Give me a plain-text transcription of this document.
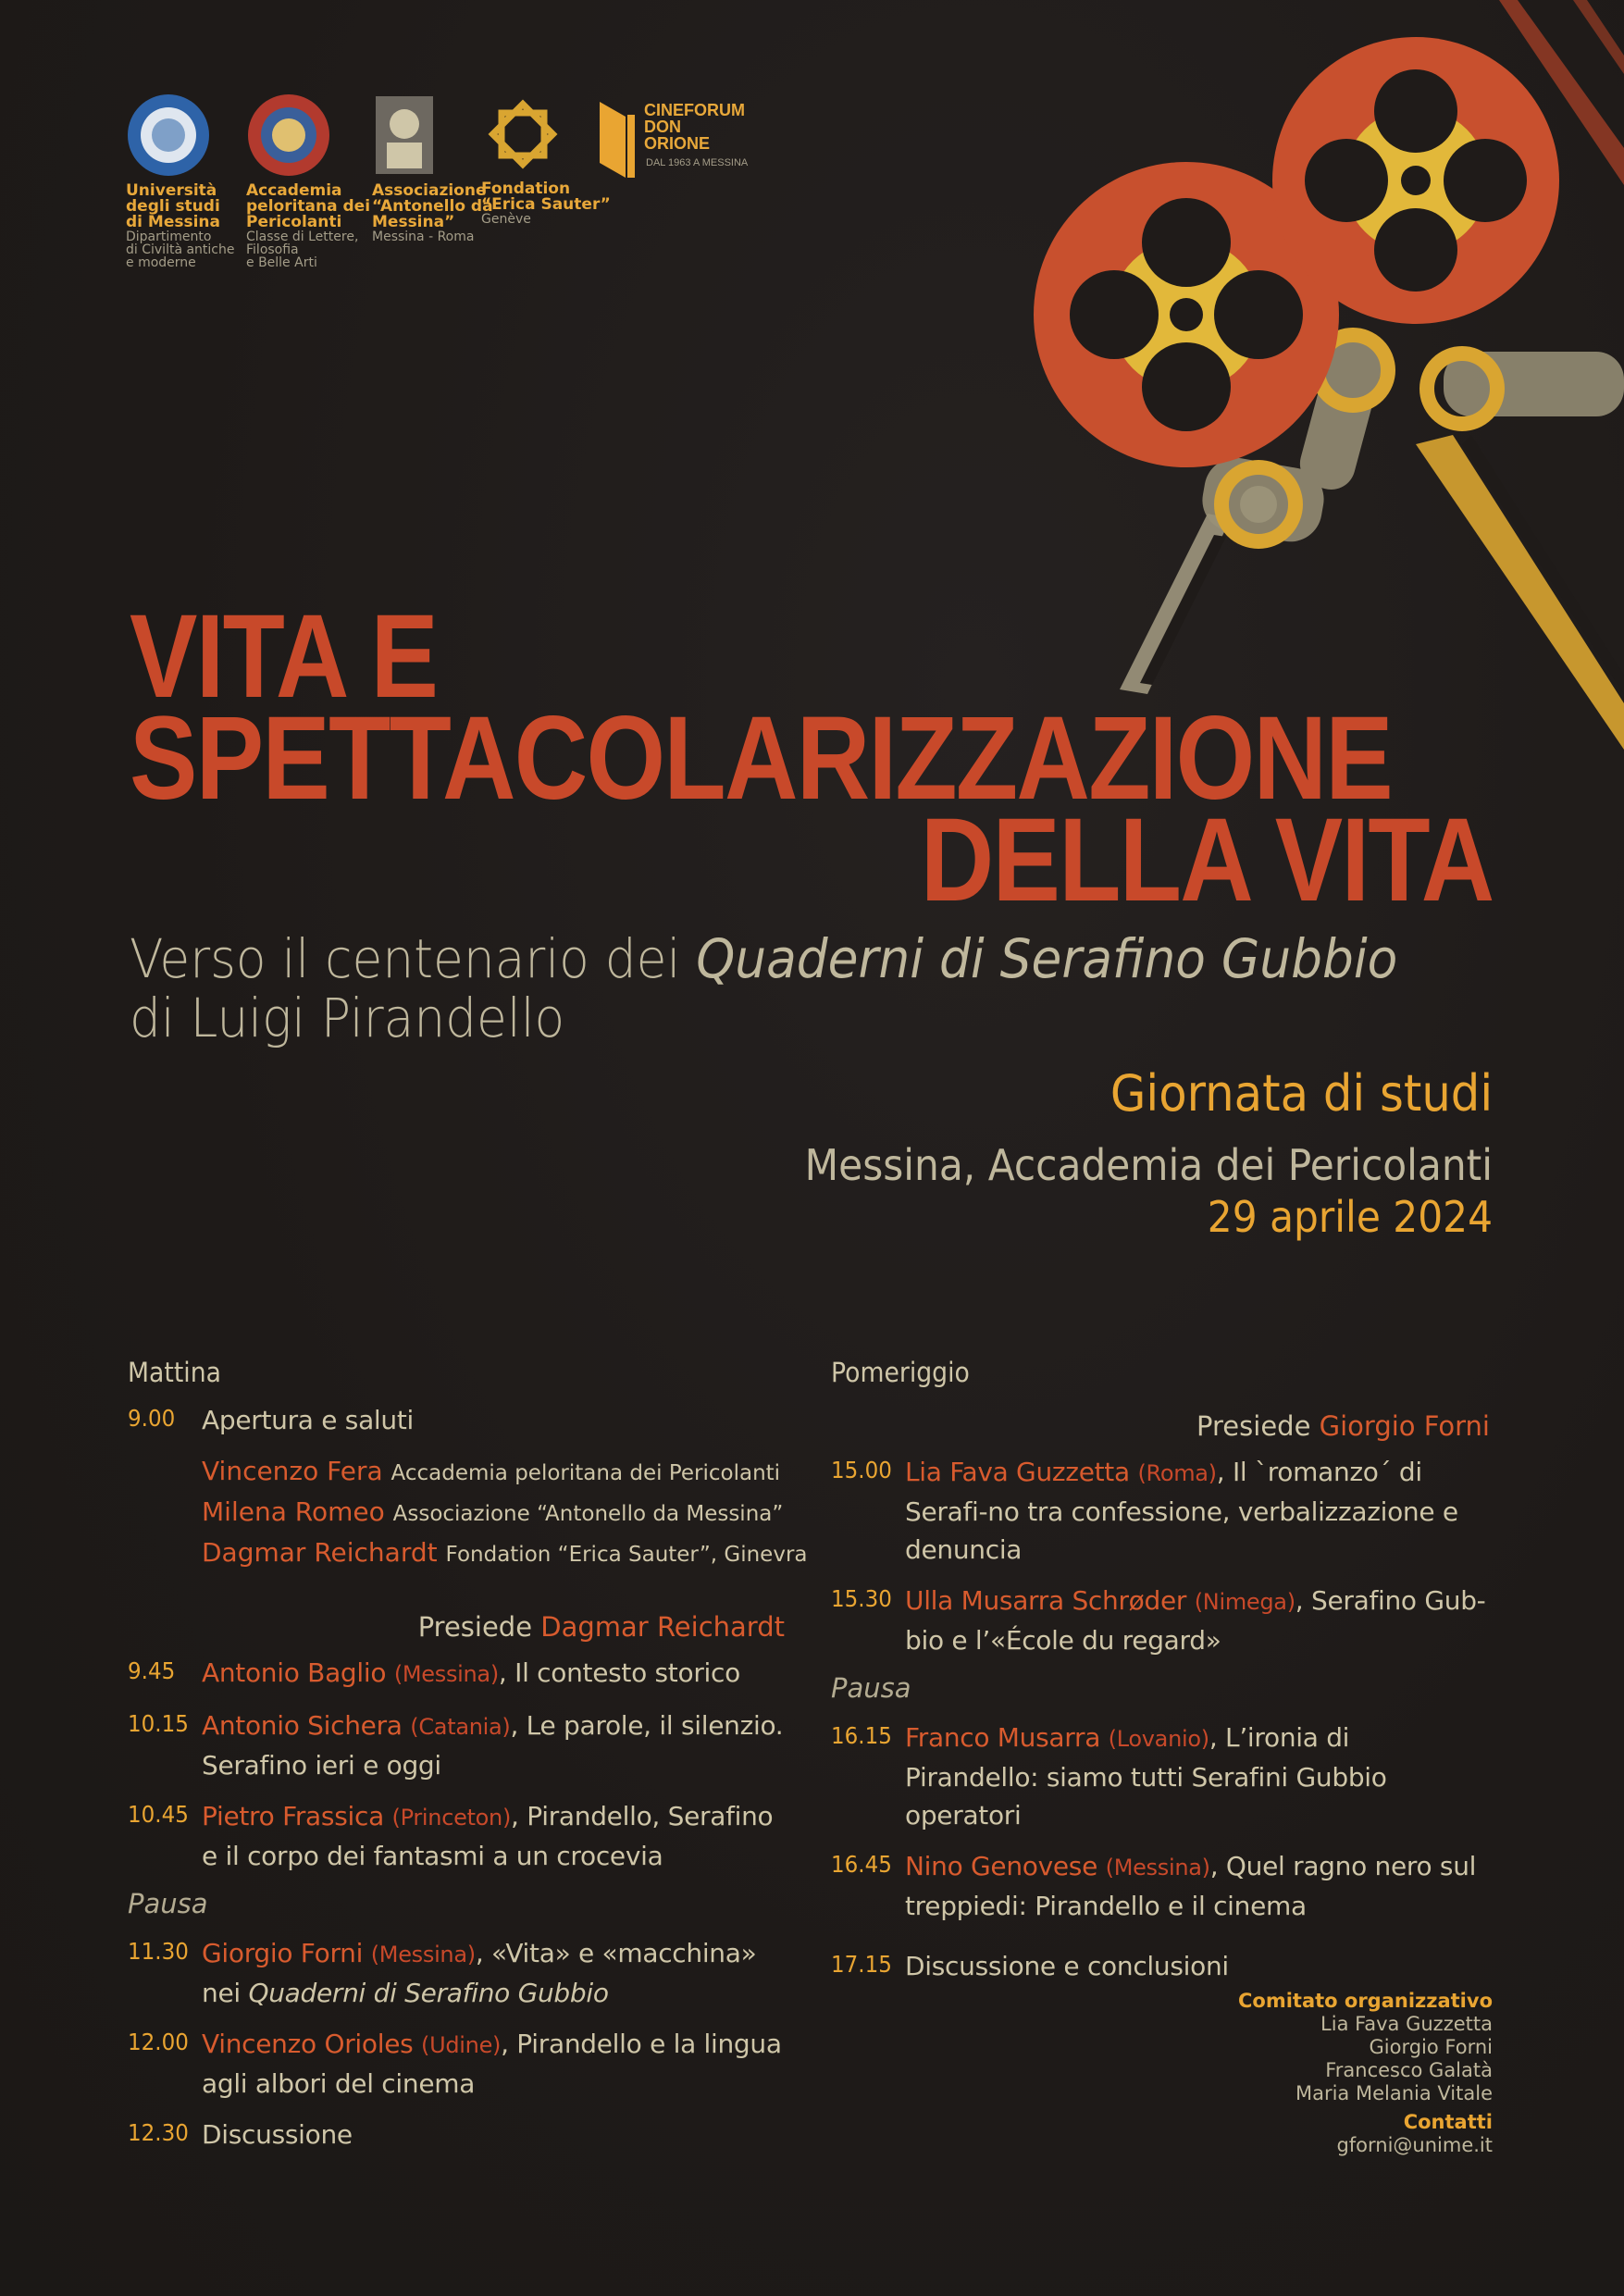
Università
degli studi
di Messina
Dipartimento
di Civiltà antiche
e moderne
Accademia
peloritana dei
Pericolanti
Classe di Lettere,
Filosofia
e Belle Arti
Associazione
“Antonello da
Messina”
Messina - Roma
Fondation
“Erica Sauter”
Genève
CINEFORUM
DON
ORIONE
DAL 1963 A MESSINA
VITA E
SPETTACOLARIZZAZIONE
DELLA VITA
Verso il centenario dei Quaderni di Serafino Gubbio
di Luigi Pirandello
Giornata di studi
Messina, Accademia dei Pericolanti
29 aprile 2024
Mattina
9.00 Apertura e saluti
Vincenzo Fera Accademia peloritana dei Pericolanti
Milena Romeo Associazione “Antonello da Messina”
Dagmar Reichardt Fondation “Erica Sauter”, Ginevra
Presiede Dagmar Reichardt
9.45 Antonio Baglio (Messina), Il contesto storico
10.15 Antonio Sichera (Catania), Le parole, il silenzio. Serafino ieri e oggi
10.45 Pietro Frassica (Princeton), Pirandello, Serafino e il corpo dei fantasmi a un crocevia
Pausa
11.30 Giorgio Forni (Messina), «Vita» e «macchina» nei Quaderni di Serafino Gubbio
12.00 Vincenzo Orioles (Udine), Pirandello e la lingua agli albori del cinema
12.30 Discussione
Pomeriggio
Presiede Giorgio Forni
15.00 Lia Fava Guzzetta (Roma), Il `romanzo´ di Serafi-no tra confessione, verbalizzazione e denuncia
15.30 Ulla Musarra Schrøder (Nimega), Serafino Gub-bio e l’«École du regard»
Pausa
16.15 Franco Musarra (Lovanio), L’ironia di Pirandello: siamo tutti Serafini Gubbio operatori
16.45 Nino Genovese (Messina), Quel ragno nero sul treppiedi: Pirandello e il cinema
17.15 Discussione e conclusioni
Comitato organizzativo
Lia Fava Guzzetta
Giorgio Forni
Francesco Galatà
Maria Melania Vitale
Contatti
gforni@unime.it
